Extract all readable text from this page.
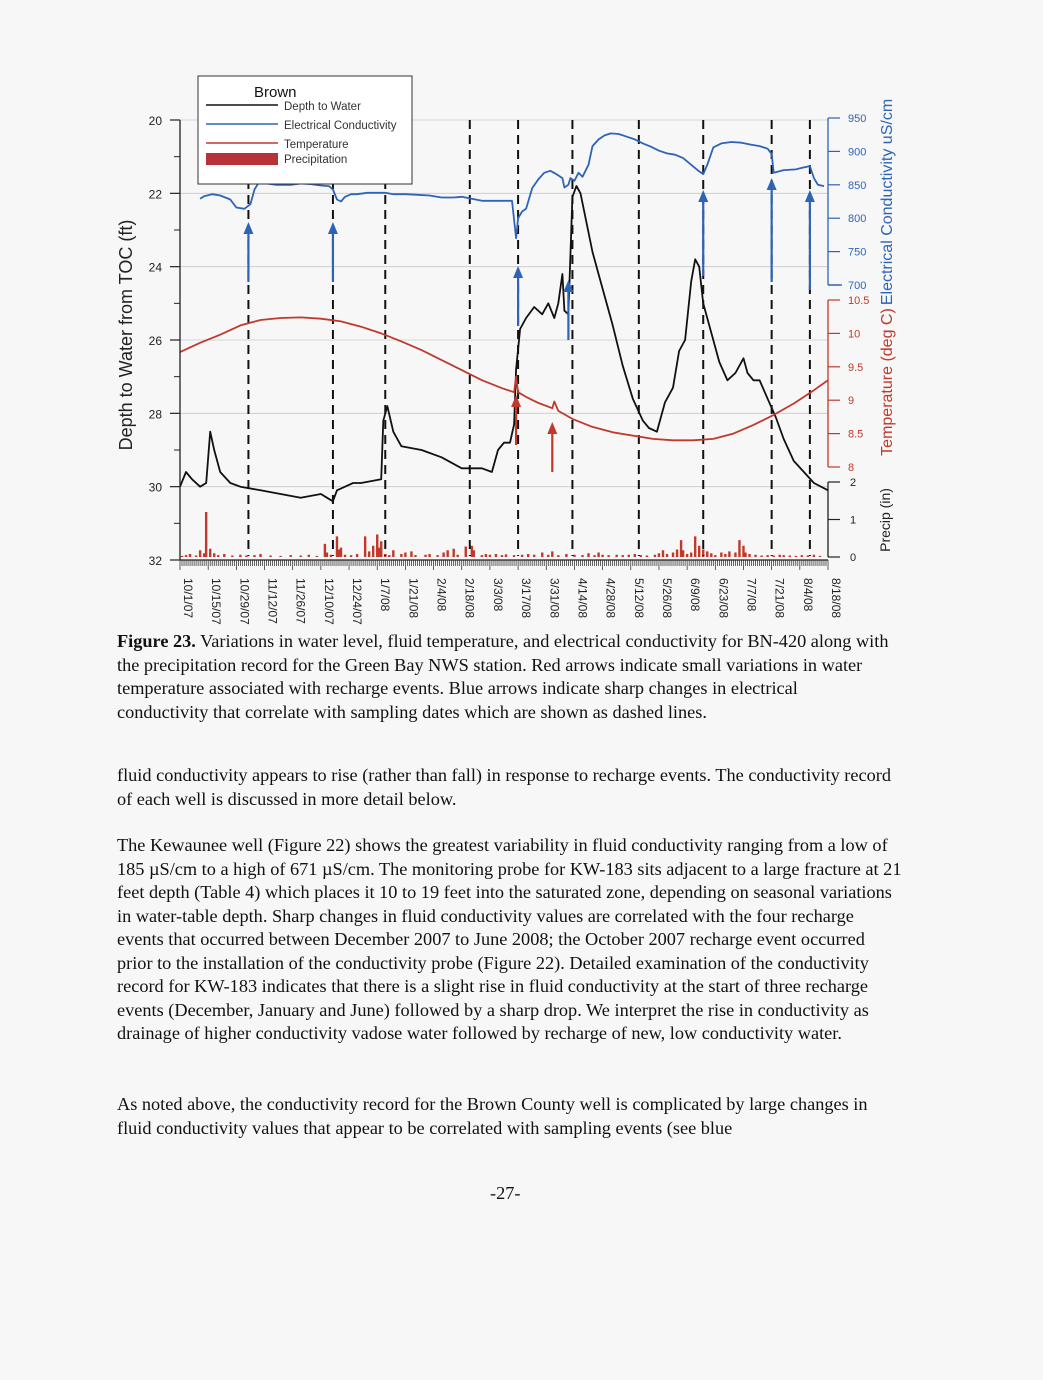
20
22
24
26
28
30
32
950
900
850
800
750
700
10.5
10
9.5
9
8.5
8
2
1
0
10/1/07 10/15/07 10/29/07 11/12/07 11/26/07 12/10/07 12/24/07 1/7/08 1/21/08 2/4/08 2/18/08 3/3/08 3/17/08 3/31/08 4/14/08 4/28/08 5/12/08 5/26/08 6/9/08 6/23/08 7/7/08 7/21/08 8/4/08 8/18/08
Depth to Water from TOC (ft)
Electrical Conductivity uS/cm
Temperature (deg C)
Precip (in)
Brown
Depth to Water
Electrical Conductivity
Temperature
Precipitation
Figure 23. Variations in water level, fluid temperature, and electrical conductivity for BN-420 along with the precipitation record for the Green Bay NWS station. Red arrows indicate small variations in water temperature associated with recharge events. Blue arrows indicate sharp changes in electrical conductivity that correlate with sampling dates which are shown as dashed lines.

fluid conductivity appears to rise (rather than fall) in response to recharge events. The conductivity record of each well is discussed in more detail below.

The Kewaunee well (Figure 22) shows the greatest variability in fluid conductivity ranging from a low of 185 µS/cm to a high of 671 µS/cm. The monitoring probe for KW-183 sits adjacent to a large fracture at 21 feet depth (Table 4) which places it 10 to 19 feet into the saturated zone, depending on seasonal variations in water-table depth. Sharp changes in fluid conductivity values are correlated with the four recharge events that occurred between December 2007 to June 2008; the October 2007 recharge event occurred prior to the installation of the conductivity probe (Figure 22). Detailed examination of the conductivity record for KW-183 indicates that there is a slight rise in fluid conductivity at the start of three recharge events (December, January and June) followed by a sharp drop. We interpret the rise in conductivity as drainage of higher conductivity vadose water followed by recharge of new, low conductivity water.

As noted above, the conductivity record for the Brown County well is complicated by large changes in fluid conductivity values that appear to be correlated with sampling events (see blue

-27-
